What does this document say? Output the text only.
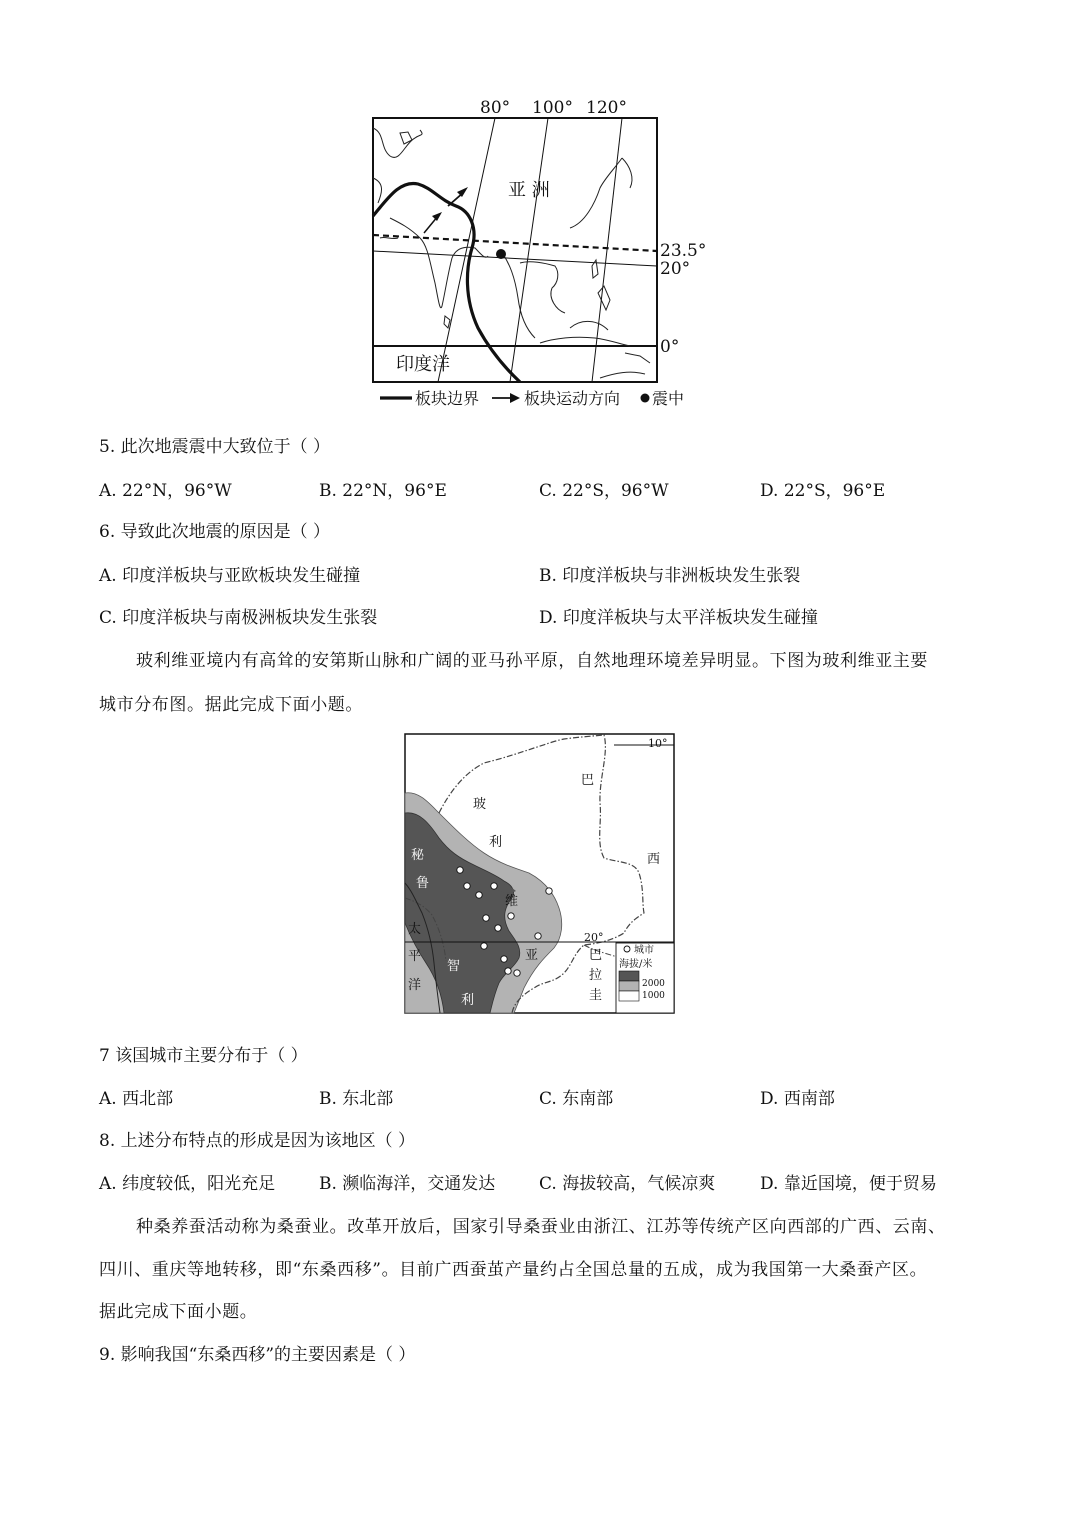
80° 100° 120°
23.5°
20°
0°
亚 洲
印度洋
板块边界	板块运动方向 震中
5. 此次地震震中大致位于（ ）
A. 22°N，96°W	B. 22°N，96°E	C. 22°S，96°W	D. 22°S，96°E
6. 导致此次地震的原因是（ ）
A. 印度洋板块与亚欧板块发生碰撞	B. 印度洋板块与非洲板块发生张裂
C. 印度洋板块与南极洲板块发生张裂	D. 印度洋板块与太平洋板块发生碰撞
玻利维亚境内有高耸的安第斯山脉和广阔的亚马孙平原，自然地理环境差异明显。下图为玻利维亚主要
城市分布图。据此完成下面小题。
10°
20°
玻
利
维
亚
巴
西
巴
拉
圭
秘
鲁
智
利
太
平
洋
城市
海拔/米
2000
1000
7 该国城市主要分布于（ ）
A. 西北部	B. 东北部	C. 东南部	D. 西南部
8. 上述分布特点的形成是因为该地区（ ）
A. 纬度较低，阳光充足	B. 濒临海洋，交通发达	C. 海拔较高，气候凉爽	D. 靠近国境，便于贸易
种桑养蚕活动称为桑蚕业。改革开放后，国家引导桑蚕业由浙江、江苏等传统产区向西部的广西、云南、
四川、重庆等地转移，即“东桑西移”。目前广西蚕茧产量约占全国总量的五成，成为我国第一大桑蚕产区。
据此完成下面小题。
9. 影响我国“东桑西移”的主要因素是（ ）
